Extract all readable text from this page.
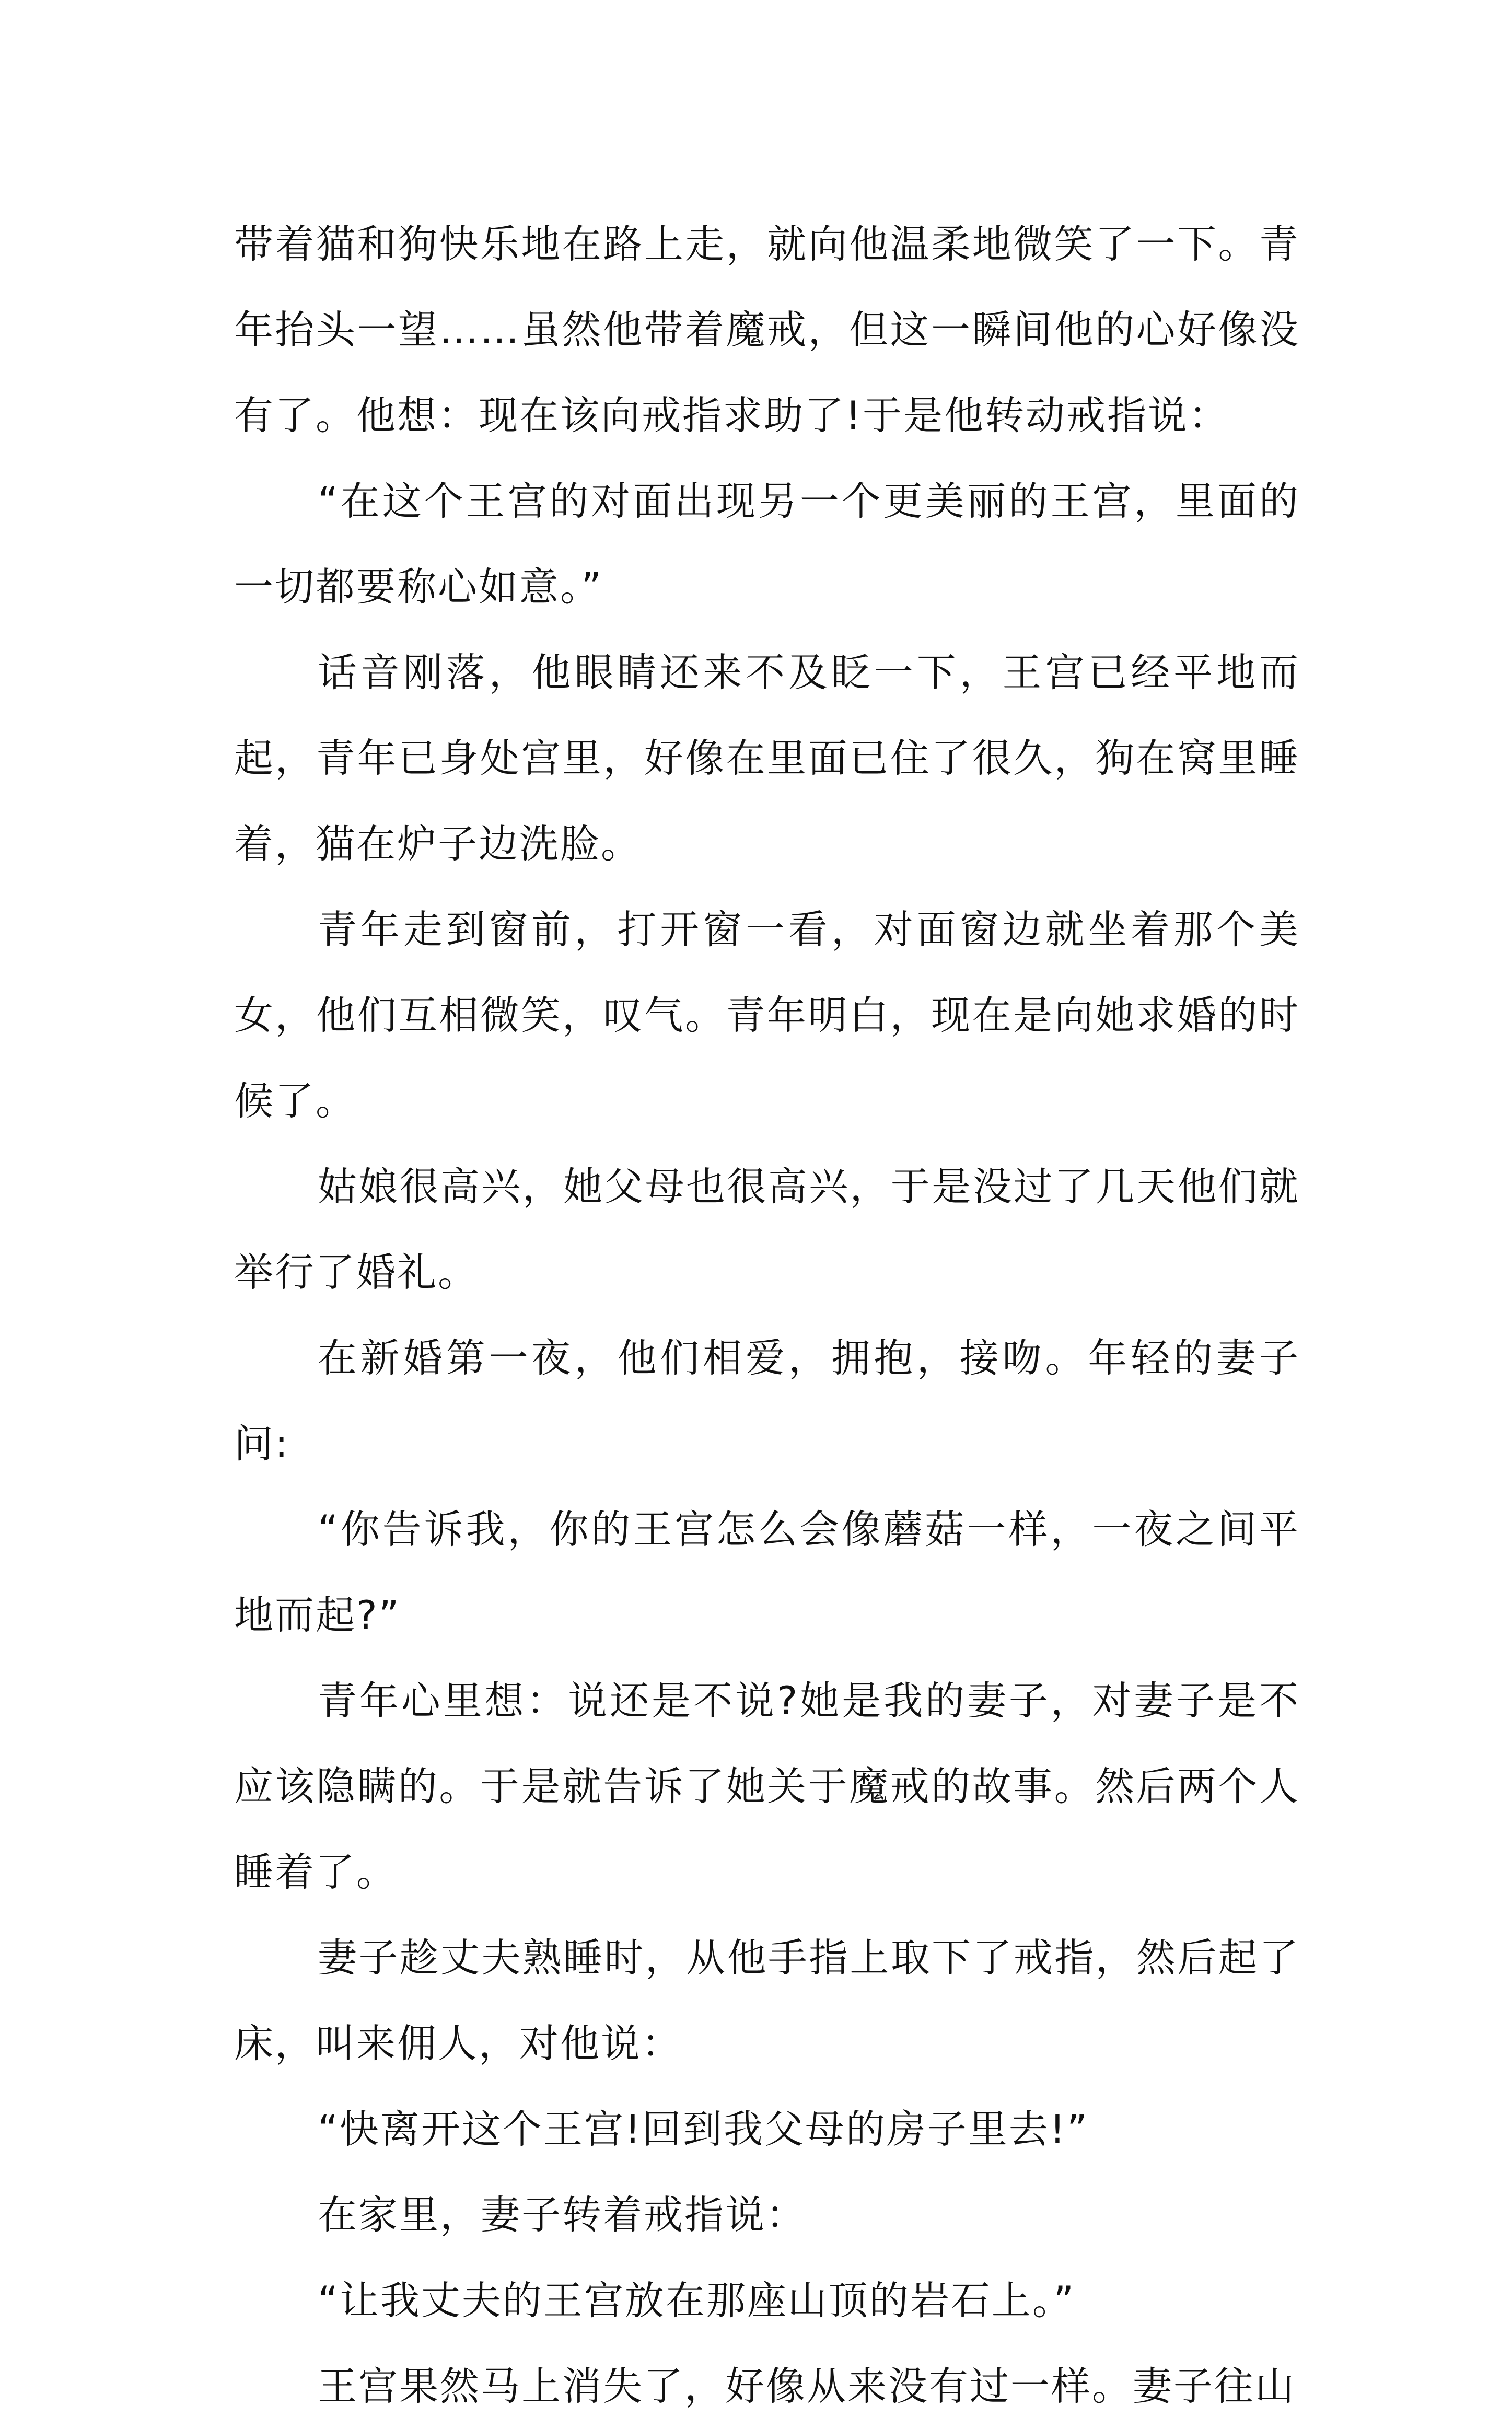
带着猫和狗快乐地在路上走，就向他温柔地微笑了一下。青年抬头一望……虽然他带着魔戒，但这一瞬间他的心好像没有了。他想：现在该向戒指求助了!于是他转动戒指说：

“在这个王宫的对面出现另一个更美丽的王宫，里面的一切都要称心如意。”

话音刚落，他眼睛还来不及眨一下，王宫已经平地而起，青年已身处宫里，好像在里面已住了很久，狗在窝里睡着，猫在炉子边洗脸。

青年走到窗前，打开窗一看，对面窗边就坐着那个美女，他们互相微笑，叹气。青年明白，现在是向她求婚的时候了。

姑娘很高兴，她父母也很高兴，于是没过了几天他们就举行了婚礼。

在新婚第一夜，他们相爱，拥抱，接吻。年轻的妻子问:

“你告诉我，你的王宫怎么会像蘑菇一样，一夜之间平地而起?”

青年心里想：说还是不说?她是我的妻子，对妻子是不应该隐瞒的。于是就告诉了她关于魔戒的故事。然后两个人睡着了。

妻子趁丈夫熟睡时，从他手指上取下了戒指，然后起了床，叫来佣人，对他说：

“快离开这个王宫!回到我父母的房子里去!”

在家里，妻子转着戒指说：

“让我丈夫的王宫放在那座山顶的岩石上。”

王宫果然马上消失了，好像从来没有过一样。妻子往山
